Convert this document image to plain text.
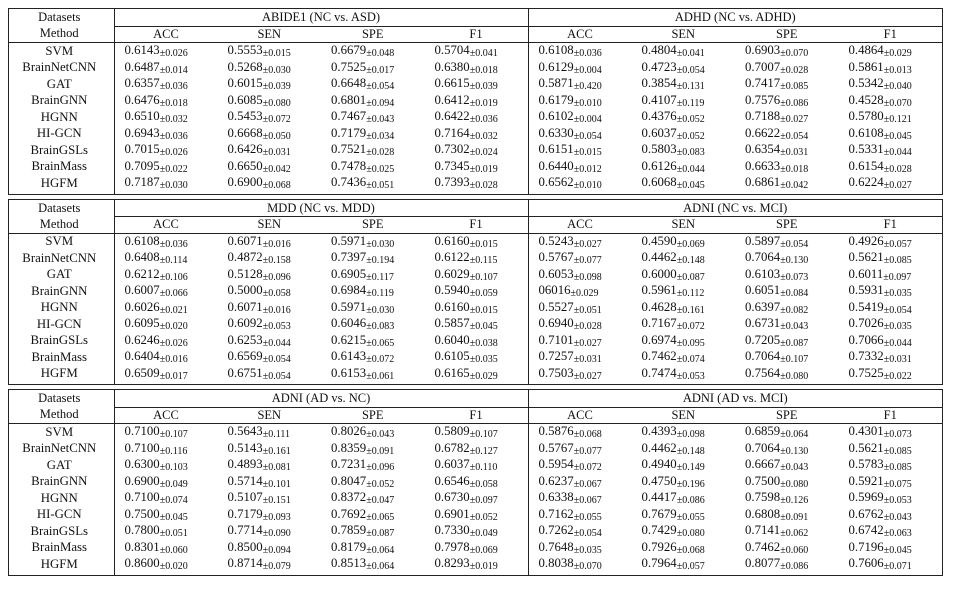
Datasets	ABIDE1 (NC vs. ASD)				ADHD (NC vs. ADHD)			
Method	ACC	SEN	SPE	F1	ACC	SEN	SPE	F1
SVM	0.6143±0.026	0.5553±0.015	0.6679±0.048	0.5704±0.041	0.6108±0.036	0.4804±0.041	0.6903±0.070	0.4864±0.029
BrainNetCNN	0.6487±0.014	0.5268±0.030	0.7525±0.017	0.6380±0.018	0.6129±0.004	0.4723±0.054	0.7007±0.028	0.5861±0.013
GAT	0.6357±0.036	0.6015±0.039	0.6648±0.054	0.6615±0.039	0.5871±0.420	0.3854±0.131	0.7417±0.085	0.5342±0.040
BrainGNN	0.6476±0.018	0.6085±0.080	0.6801±0.094	0.6412±0.019	0.6179±0.010	0.4107±0.119	0.7576±0.086	0.4528±0.070
HGNN	0.6510±0.032	0.5453±0.072	0.7467±0.043	0.6422±0.036	0.6102±0.004	0.4376±0.052	0.7188±0.027	0.5780±0.121
HI-GCN	0.6943±0.036	0.6668±0.050	0.7179±0.034	0.7164±0.032	0.6330±0.054	0.6037±0.052	0.6622±0.054	0.6108±0.045
BrainGSLs	0.7015±0.026	0.6426±0.031	0.7521±0.028	0.7302±0.024	0.6151±0.015	0.5803±0.083	0.6354±0.031	0.5331±0.044
BrainMass	0.7095±0.022	0.6650±0.042	0.7478±0.025	0.7345±0.019	0.6440±0.012	0.6126±0.044	0.6633±0.018	0.6154±0.028
HGFM	0.7187±0.030	0.6900±0.068	0.7436±0.051	0.7393±0.028	0.6562±0.010	0.6068±0.045	0.6861±0.042	0.6224±0.027
Datasets	MDD (NC vs. MDD)				ADNI (NC vs. MCI)			
Method	ACC	SEN	SPE	F1	ACC	SEN	SPE	F1
SVM	0.6108±0.036	0.6071±0.016	0.5971±0.030	0.6160±0.015	0.5243±0.027	0.4590±0.069	0.5897±0.054	0.4926±0.057
BrainNetCNN	0.6408±0.114	0.4872±0.158	0.7397±0.194	0.6122±0.115	0.5767±0.077	0.4462±0.148	0.7064±0.130	0.5621±0.085
GAT	0.6212±0.106	0.5128±0.096	0.6905±0.117	0.6029±0.107	0.6053±0.098	0.6000±0.087	0.6103±0.073	0.6011±0.097
BrainGNN	0.6007±0.066	0.5000±0.058	0.6984±0.119	0.5940±0.059	06016±0.029	0.5961±0.112	0.6051±0.084	0.5931±0.035
HGNN	0.6026±0.021	0.6071±0.016	0.5971±0.030	0.6160±0.015	0.5527±0.051	0.4628±0.161	0.6397±0.082	0.5419±0.054
HI-GCN	0.6095±0.020	0.6092±0.053	0.6046±0.083	0.5857±0.045	0.6940±0.028	0.7167±0.072	0.6731±0.043	0.7026±0.035
BrainGSLs	0.6246±0.026	0.6253±0.044	0.6215±0.065	0.6040±0.038	0.7101±0.027	0.6974±0.095	0.7205±0.087	0.7066±0.044
BrainMass	0.6404±0.016	0.6569±0.054	0.6143±0.072	0.6105±0.035	0.7257±0.031	0.7462±0.074	0.7064±0.107	0.7332±0.031
HGFM	0.6509±0.017	0.6751±0.054	0.6153±0.061	0.6165±0.029	0.7503±0.027	0.7474±0.053	0.7564±0.080	0.7525±0.022
Datasets	ADNI (AD vs. NC)				ADNI (AD vs. MCI)			
Method	ACC	SEN	SPE	F1	ACC	SEN	SPE	F1
SVM	0.7100±0.107	0.5643±0.111	0.8026±0.043	0.5809±0.107	0.5876±0.068	0.4393±0.098	0.6859±0.064	0.4301±0.073
BrainNetCNN	0.7100±0.116	0.5143±0.161	0.8359±0.091	0.6782±0.127	0.5767±0.077	0.4462±0.148	0.7064±0.130	0.5621±0.085
GAT	0.6300±0.103	0.4893±0.081	0.7231±0.096	0.6037±0.110	0.5954±0.072	0.4940±0.149	0.6667±0.043	0.5783±0.085
BrainGNN	0.6900±0.049	0.5714±0.101	0.8047±0.052	0.6546±0.058	0.6237±0.067	0.4750±0.196	0.7500±0.080	0.5921±0.075
HGNN	0.7100±0.074	0.5107±0.151	0.8372±0.047	0.6730±0.097	0.6338±0.067	0.4417±0.086	0.7598±0.126	0.5969±0.053
HI-GCN	0.7500±0.045	0.7179±0.093	0.7692±0.065	0.6901±0.052	0.7162±0.055	0.7679±0.055	0.6808±0.091	0.6762±0.043
BrainGSLs	0.7800±0.051	0.7714±0.090	0.7859±0.087	0.7330±0.049	0.7262±0.054	0.7429±0.080	0.7141±0.062	0.6742±0.063
BrainMass	0.8301±0.060	0.8500±0.094	0.8179±0.064	0.7978±0.069	0.7648±0.035	0.7926±0.068	0.7462±0.060	0.7196±0.045
HGFM	0.8600±0.020	0.8714±0.079	0.8513±0.064	0.8293±0.019	0.8038±0.070	0.7964±0.057	0.8077±0.086	0.7606±0.071
